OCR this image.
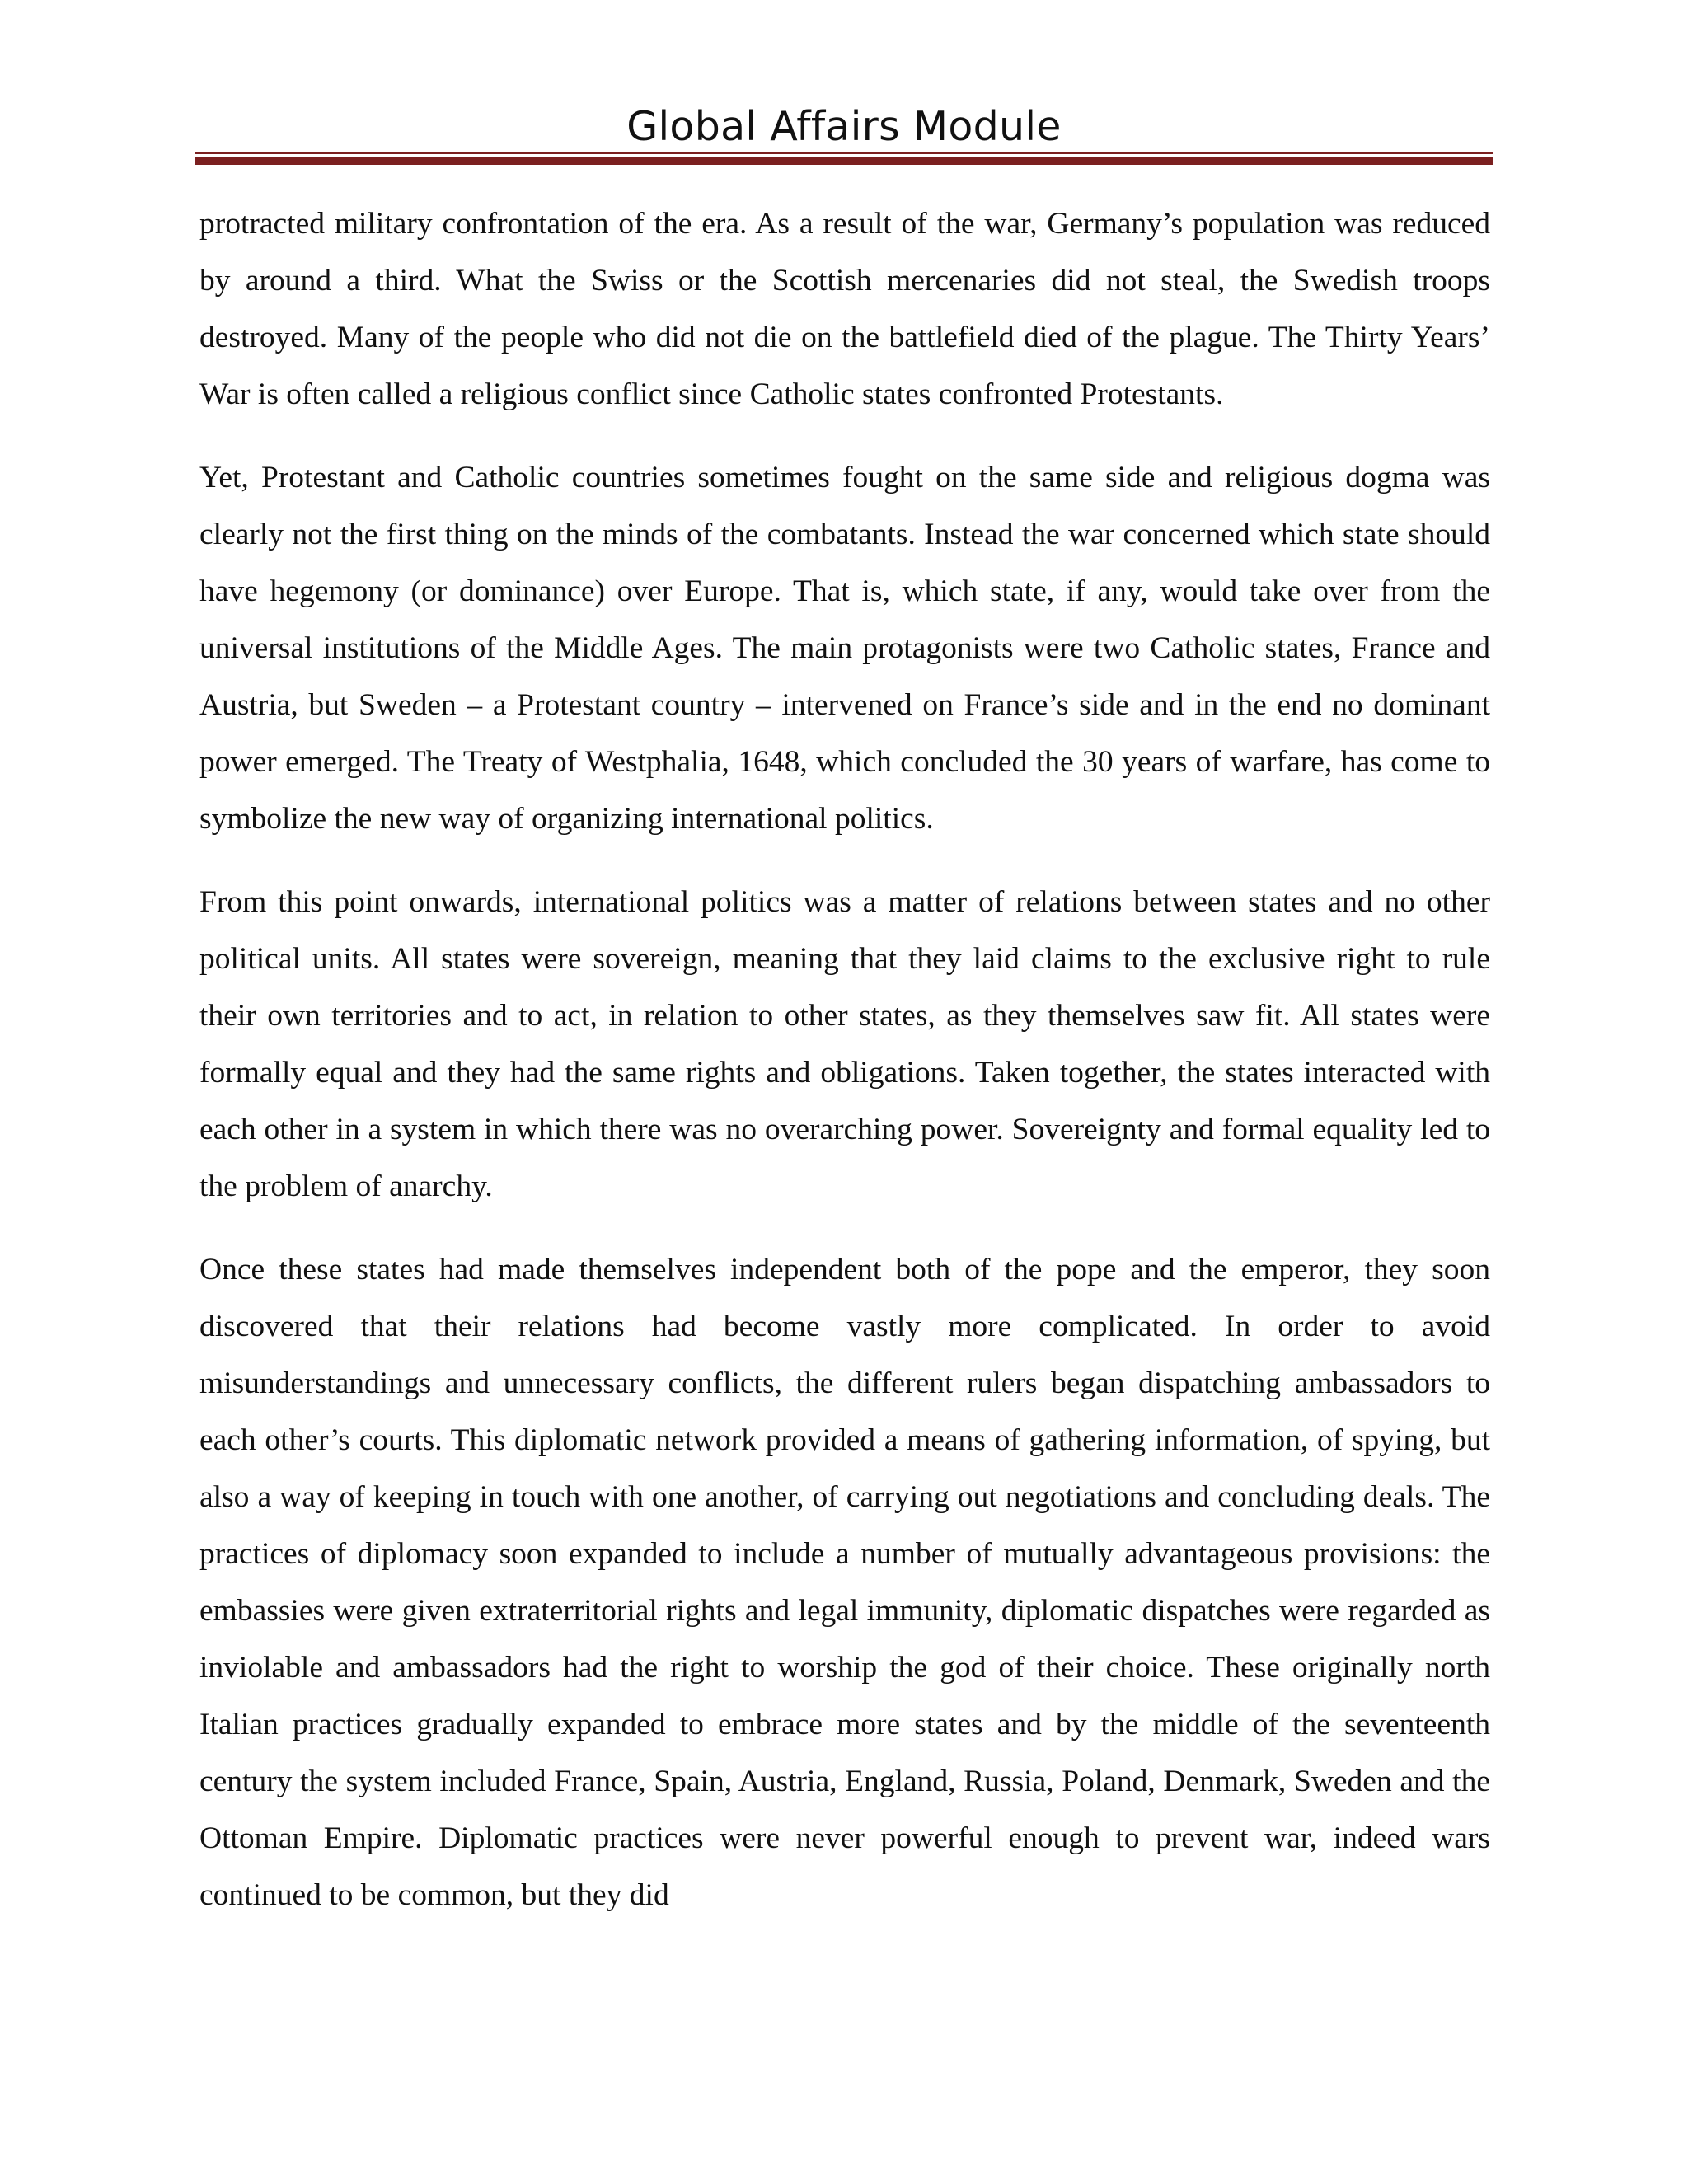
Global Affairs Module

protracted military confrontation of the era. As a result of the war, Germany’s population was reduced by around a third. What the Swiss or the Scottish mercenaries did not steal, the Swedish troops destroyed. Many of the people who did not die on the battlefield died of the plague. The Thirty Years’ War is often called a religious conflict since Catholic states confronted Protestants.

Yet, Protestant and Catholic countries sometimes fought on the same side and religious dogma was clearly not the first thing on the minds of the combatants. Instead the war concerned which state should have hegemony (or dominance) over Europe. That is, which state, if any, would take over from the universal institutions of the Middle Ages. The main protagonists were two Catholic states, France and Austria, but Sweden – a Protestant country – intervened on France’s side and in the end no dominant power emerged. The Treaty of Westphalia, 1648, which concluded the 30 years of warfare, has come to symbolize the new way of organizing international politics.

From this point onwards, international politics was a matter of relations between states and no other political units. All states were sovereign, meaning that they laid claims to the exclusive right to rule their own territories and to act, in relation to other states, as they themselves saw fit. All states were formally equal and they had the same rights and obligations. Taken together, the states interacted with each other in a system in which there was no overarching power. Sovereignty and formal equality led to the problem of anarchy.

Once these states had made themselves independent both of the pope and the emperor, they soon discovered that their relations had become vastly more complicated. In order to avoid misunderstandings and unnecessary conflicts, the different rulers began dispatching ambassadors to each other’s courts. This diplomatic network provided a means of gathering information, of spying, but also a way of keeping in touch with one another, of carrying out negotiations and concluding deals. The practices of diplomacy soon expanded to include a number of mutually advantageous provisions: the embassies were given extraterritorial rights and legal immunity, diplomatic dispatches were regarded as inviolable and ambassadors had the right to worship the god of their choice. These originally north Italian practices gradually expanded to embrace more states and by the middle of the seventeenth century the system included France, Spain, Austria, England, Russia, Poland, Denmark, Sweden and the Ottoman Empire. Diplomatic practices were never powerful enough to prevent war, indeed wars continued to be common, but they did
